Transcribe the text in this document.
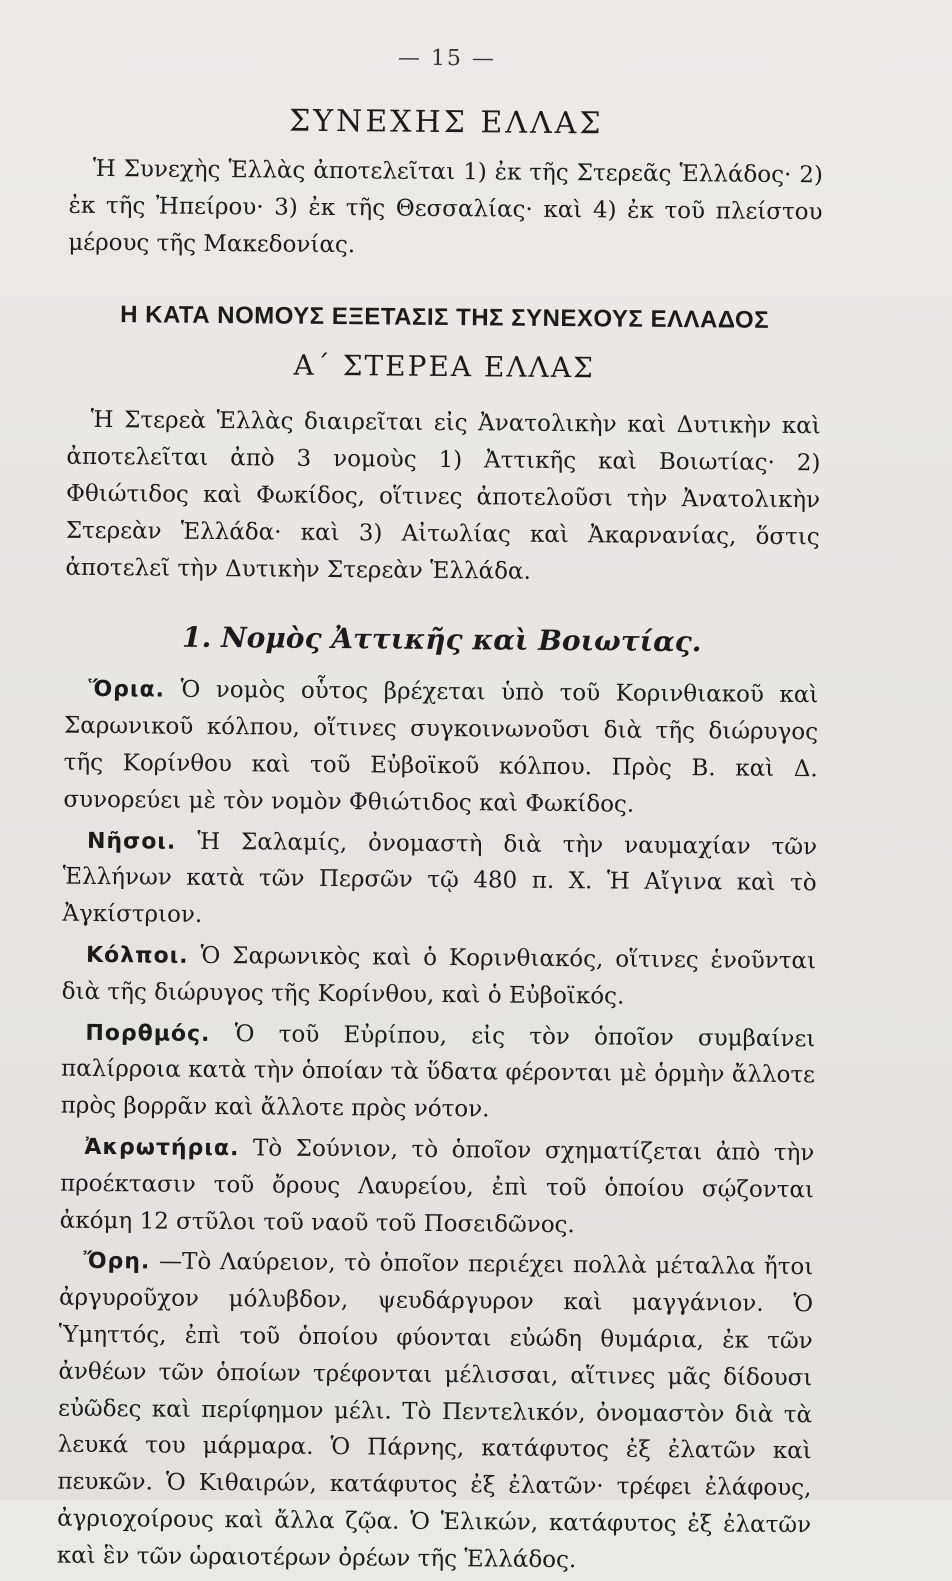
— 15 —
ΣΥΝΕΧΗΣ ΕΛΛΑΣ

Ἡ Συνεχὴς Ἑλλὰς ἀποτελεῖται 1) ἐκ τῆς Στερεᾶς Ἑλλάδος· 2) ἐκ τῆς Ἠπείρου· 3) ἐκ τῆς Θεσσαλίας· καὶ 4) ἐκ τοῦ πλείστου μέρους τῆς Μακεδονίας.

Η ΚΑΤΑ ΝΟΜΟΥΣ ΕΞΕΤΑΣΙΣ ΤΗΣ ΣΥΝΕΧΟΥΣ ΕΛΛΑΔΟΣ
Α΄ ΣΤΕΡΕΑ ΕΛΛΑΣ

Ἡ Στερεὰ Ἑλλὰς διαιρεῖται εἰς Ἀνατολικὴν καὶ Δυτικὴν καὶ ἀποτελεῖται ἀπὸ 3 νομοὺς 1) Ἀττικῆς καὶ Βοιωτίας· 2) Φθιώτιδος καὶ Φωκίδος, οἵτινες ἀποτελοῦσι τὴν Ἀνατολικὴν Στερεὰν Ἑλλάδα· καὶ 3) Αἰτωλίας καὶ Ἀκαρνανίας, ὅστις ἀποτελεῖ τὴν Δυτικὴν Στερεὰν Ἑλλάδα.

1. Νομὸς Ἀττικῆς καὶ Βοιωτίας.

Ὅρια. Ὁ νομὸς οὗτος βρέχεται ὑπὸ τοῦ Κορινθιακοῦ καὶ Σαρωνικοῦ κόλπου, οἵτινες συγκοινωνοῦσι διὰ τῆς διώρυγος τῆς Κορίνθου καὶ τοῦ Εὐβοϊκοῦ κόλπου. Πρὸς Β. καὶ Δ. συνορεύει μὲ τὸν νομὸν Φθιώτιδος καὶ Φωκίδος.

Νῆσοι. Ἡ Σαλαμίς, ὀνομαστὴ διὰ τὴν ναυμαχίαν τῶν Ἑλλήνων κατὰ τῶν Περσῶν τῷ 480 π. Χ. Ἡ Αἴγινα καὶ τὸ Ἀγκίστριον.

Κόλποι. Ὁ Σαρωνικὸς καὶ ὁ Κορινθιακός, οἵτινες ἑνοῦνται διὰ τῆς διώρυγος τῆς Κορίνθου, καὶ ὁ Εὐβοϊκός.

Πορθμός. Ὁ τοῦ Εὐρίπου, εἰς τὸν ὁποῖον συμβαίνει παλίρροια κατὰ τὴν ὁποίαν τὰ ὕδατα φέρονται μὲ ὁρμὴν ἄλλοτε πρὸς βορρᾶν καὶ ἄλλοτε πρὸς νότον.

Ἀκρωτήρια. Τὸ Σούνιον, τὸ ὁποῖον σχηματίζεται ἀπὸ τὴν προέκτασιν τοῦ ὄρους Λαυρείου, ἐπὶ τοῦ ὁποίου σῴζονται ἀκόμη 12 στῦλοι τοῦ ναοῦ τοῦ Ποσειδῶνος.

Ὄρη. —Τὸ Λαύρειον, τὸ ὁποῖον περιέχει πολλὰ μέταλλα ἤτοι ἀργυροῦχον μόλυβδον, ψευδάργυρον καὶ μαγγάνιον. Ὁ Ὑμηττός, ἐπὶ τοῦ ὁποίου φύονται εὐώδη θυμάρια, ἐκ τῶν ἀνθέων τῶν ὁποίων τρέφονται μέλισσαι, αἵτινες μᾶς δίδουσι εὐῶδες καὶ περίφημον μέλι. Τὸ Πεντελικόν, ὀνομαστὸν διὰ τὰ λευκά του μάρμαρα. Ὁ Πάρνης, κατάφυτος ἐξ ἐλατῶν καὶ πευκῶν. Ὁ Κιθαιρών, κατάφυτος ἐξ ἐλατῶν· τρέφει ἐλάφους, ἀγριοχοίρους καὶ ἄλλα ζῷα. Ὁ Ἑλικών, κατάφυτος ἐξ ἐλατῶν καὶ ἓν τῶν ὡραιοτέρων ὀρέων τῆς Ἑλλάδος.
